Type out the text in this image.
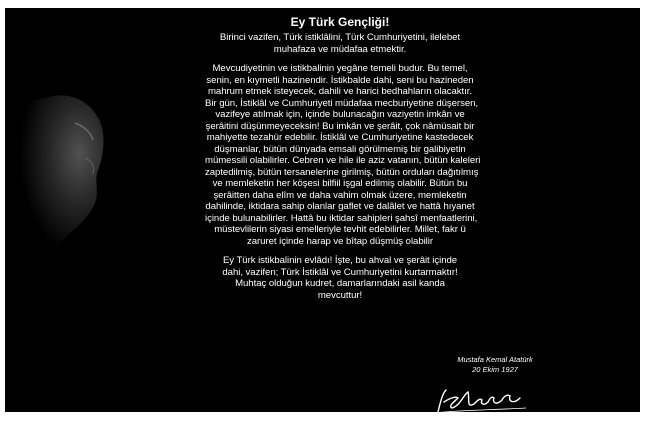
Ey Türk Gençliği!

Birinci vazifen, Türk istiklâlini, Türk Cumhuriyetini, ilelebet
muhafaza ve müdafaa etmektir.

Mevcudiyetinin ve istikbalinin yegâne temeli budur. Bu temel,
senin, en kıymetli hazinendir. İstikbalde dahi, seni bu hazineden
mahrum etmek isteyecek, dahili ve harici bedhahların olacaktır.
Bir gün, İstiklâl ve Cumhuriyeti müdafaa mecburiyetine düşersen,
vazifeye atılmak için, içinde bulunacağın vaziyetin imkân ve
şerâitini düşünmeyeceksin! Bu imkân ve şerâit, çok nâmüsait bir
mahiyette tezahür edebilir. İstiklâl ve Cumhuriyetine kastedecek
düşmanlar, bütün dünyada emsali görülmemiş bir galibiyetin
mümessili olabilirler. Cebren ve hile ile aziz vatanın, bütün kaleleri
zaptedilmiş, bütün tersanelerine girilmiş, bütün orduları dağıtılmış
ve memleketin her köşesi bilfiil işgal edilmiş olabilir. Bütün bu
şerâitten daha elîm ve daha vahim olmak üzere, memleketin
dahilinde, iktidara sahip olanlar gaflet ve dalâlet ve hattâ hıyanet
içinde bulunabilirler. Hattâ bu iktidar sahipleri şahsî menfaatlerini,
müstevlilerin siyasi emelleriyle tevhit edebilirler. Millet, fakr ü
zaruret içinde harap ve bîtap düşmüş olabilir

Ey Türk istikbalinin evlâdı! İşte, bu ahval ve şerâit içinde
dahi, vazifen; Türk İstiklâl ve Cumhuriyetini kurtarmaktır!
Muhtaç olduğun kudret, damarlarındaki asil kanda
mevcuttur!

Mustafa Kemal Atatürk
20 Ekim 1927
